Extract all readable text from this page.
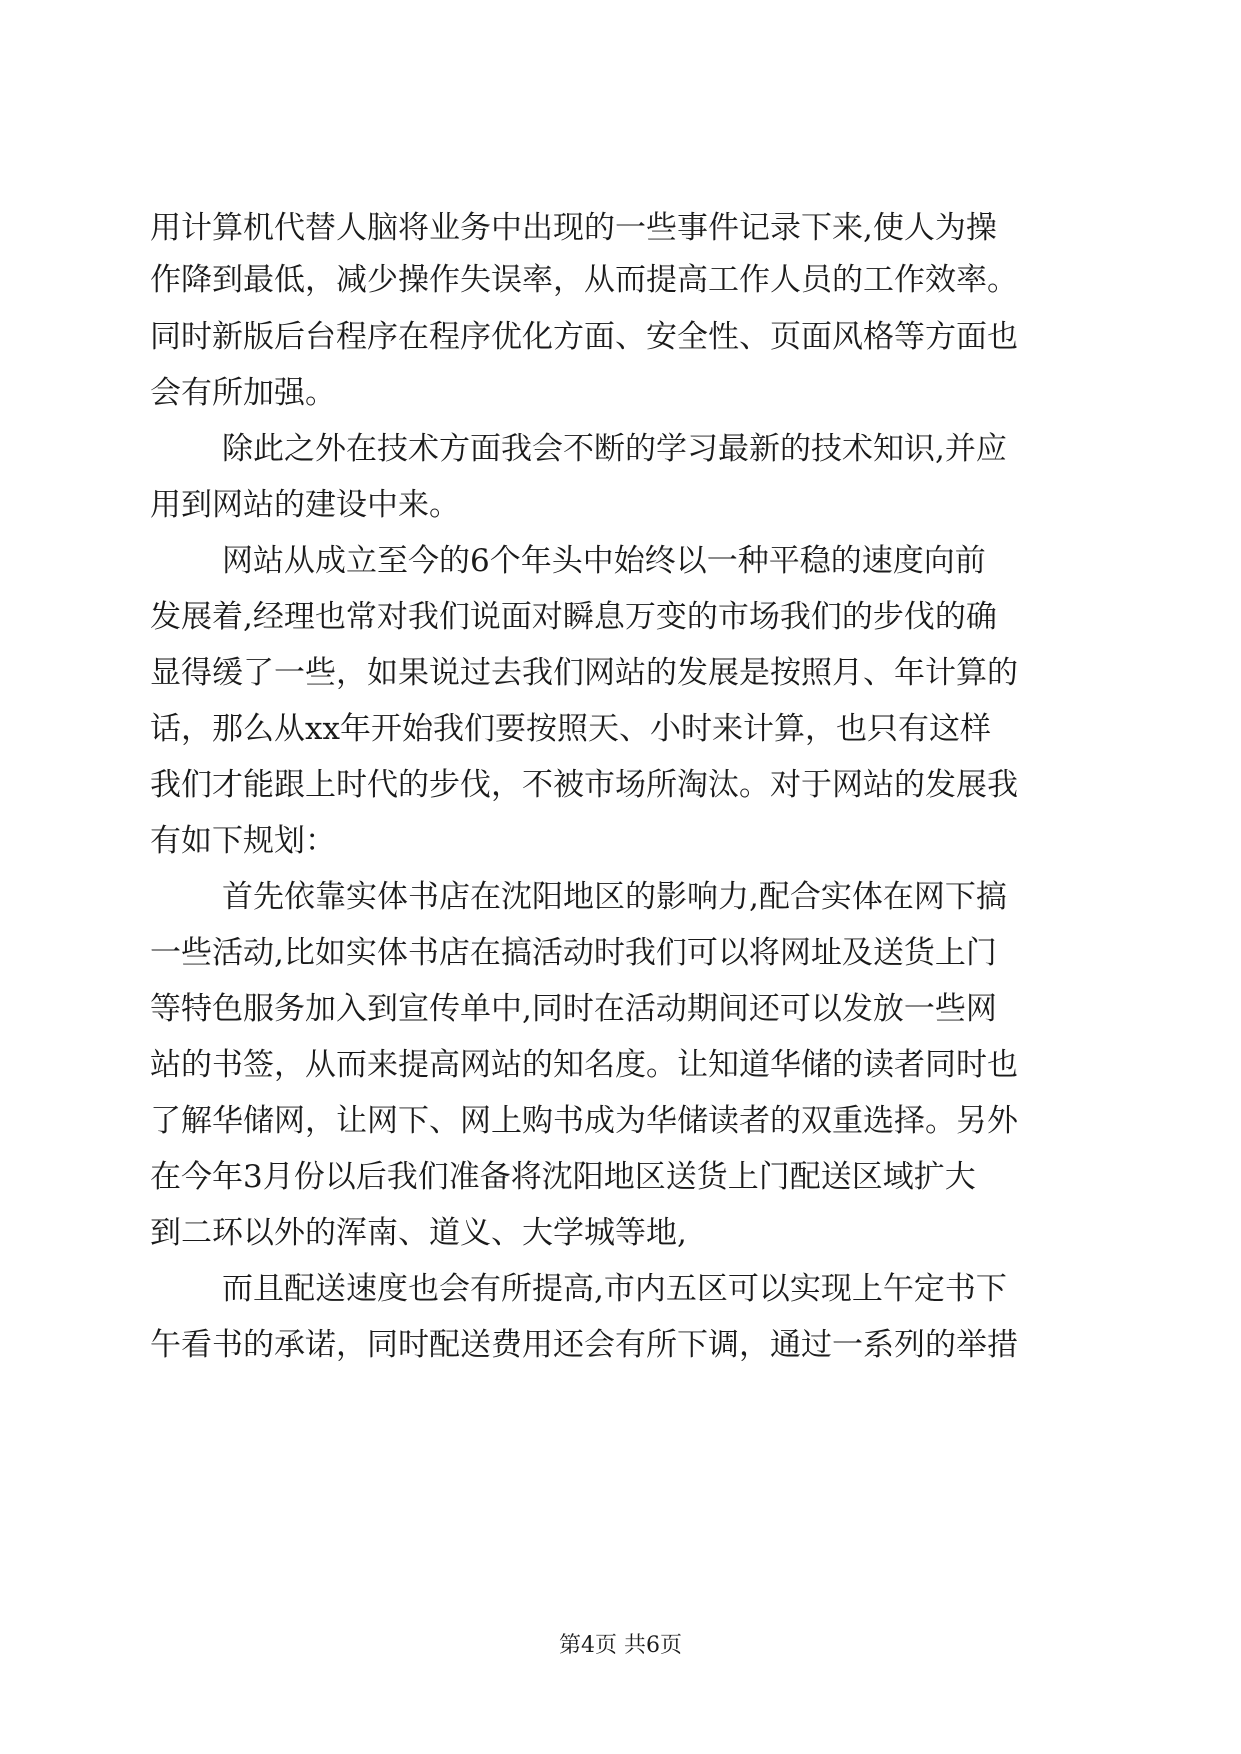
用计算机代替人脑将业务中出现的一些事件记录下来,使人为操
作降到最低，减少操作失误率，从而提高工作人员的工作效率。
同时新版后台程序在程序优化方面、安全性、页面风格等方面也
会有所加强。
除此之外在技术方面我会不断的学习最新的技术知识,并应
用到网站的建设中来。
网站从成立至今的6个年头中始终以一种平稳的速度向前
发展着,经理也常对我们说面对瞬息万变的市场我们的步伐的确
显得缓了一些，如果说过去我们网站的发展是按照月、年计算的
话，那么从xx年开始我们要按照天、小时来计算，也只有这样
我们才能跟上时代的步伐，不被市场所淘汰。对于网站的发展我
有如下规划：
首先依靠实体书店在沈阳地区的影响力,配合实体在网下搞
一些活动,比如实体书店在搞活动时我们可以将网址及送货上门
等特色服务加入到宣传单中,同时在活动期间还可以发放一些网
站的书签，从而来提高网站的知名度。让知道华储的读者同时也
了解华储网，让网下、网上购书成为华储读者的双重选择。另外
在今年3月份以后我们准备将沈阳地区送货上门配送区域扩大
到二环以外的浑南、道义、大学城等地,
而且配送速度也会有所提高,市内五区可以实现上午定书下
午看书的承诺，同时配送费用还会有所下调，通过一系列的举措
第4页 共6页
